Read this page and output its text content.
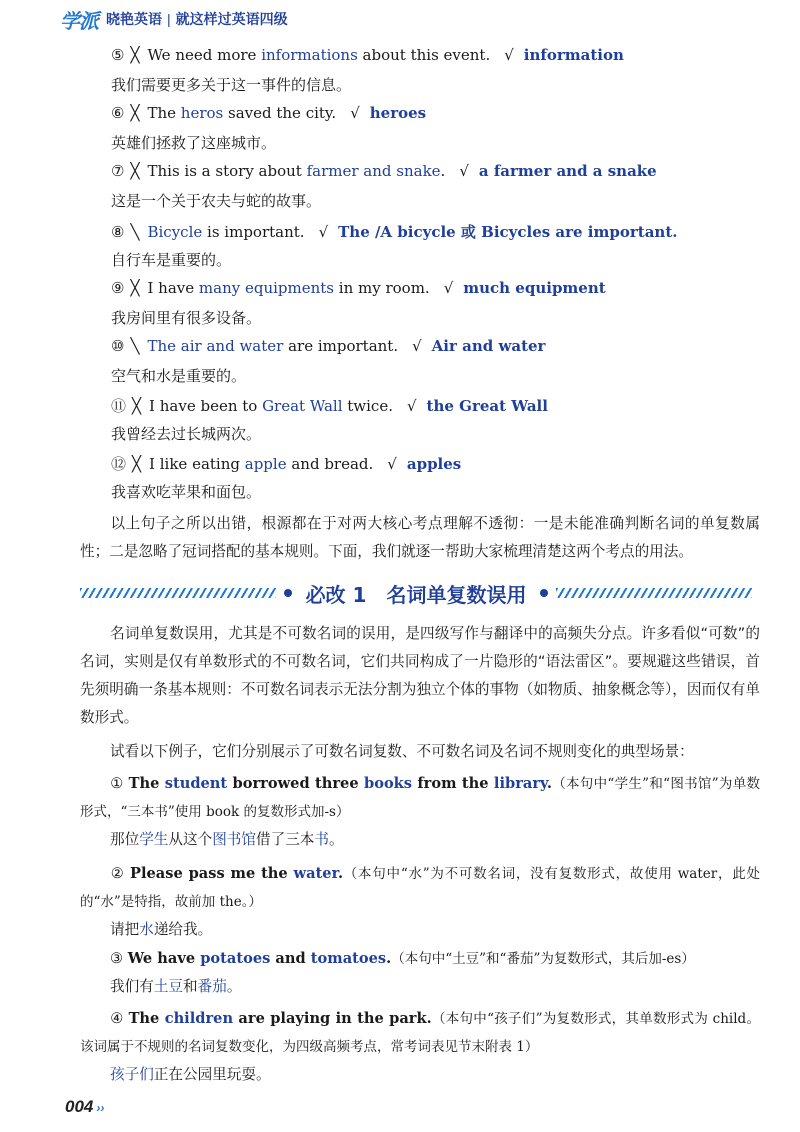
学派 晓艳英语 | 就这样过英语四级
⑤ ╳ We need more informations about this event. √ information
我们需要更多关于这一事件的信息。
⑥ ╳ The heros saved the city. √ heroes
英雄们拯救了这座城市。
⑦ ╳ This is a story about farmer and snake. √ a farmer and a snake
这是一个关于农夫与蛇的故事。
⑧ ╲ Bicycle is important. √ The /A bicycle 或 Bicycles are important.
自行车是重要的。
⑨ ╳ I have many equipments in my room. √ much equipment
我房间里有很多设备。
⑩ ╲ The air and water are important. √ Air and water
空气和水是重要的。
⑪ ╳ I have been to Great Wall twice. √ the Great Wall
我曾经去过长城两次。
⑫ ╳ I like eating apple and bread. √ apples
我喜欢吃苹果和面包。
以上句子之所以出错，根源都在于对两大核心考点理解不透彻：一是未能准确判断名词的单复数属性；二是忽略了冠词搭配的基本规则。下面，我们就逐一帮助大家梳理清楚这两个考点的用法。
必改 1　名词单复数误用
名词单复数误用，尤其是不可数名词的误用，是四级写作与翻译中的高频失分点。许多看似“可数”的名词，实则是仅有单数形式的不可数名词，它们共同构成了一片隐形的“语法雷区”。要规避这些错误，首先须明确一条基本规则：不可数名词表示无法分割为独立个体的事物（如物质、抽象概念等），因而仅有单数形式。
试看以下例子，它们分别展示了可数名词复数、不可数名词及名词不规则变化的典型场景：
① The student borrowed three books from the library.（本句中“学生”和“图书馆”为单数形式，“三本书”使用 book 的复数形式加-s）
那位学生从这个图书馆借了三本书。
② Please pass me the water.（本句中“水”为不可数名词，没有复数形式，故使用 water，此处的“水”是特指，故前加 the。）
请把水递给我。
③ We have potatoes and tomatoes.（本句中“土豆”和“番茄”为复数形式，其后加-es）
我们有土豆和番茄。
④ The children are playing in the park.（本句中“孩子们”为复数形式，其单数形式为 child。该词属于不规则的名词复数变化，为四级高频考点，常考词表见节末附表 1）
孩子们正在公园里玩耍。
004 ››
